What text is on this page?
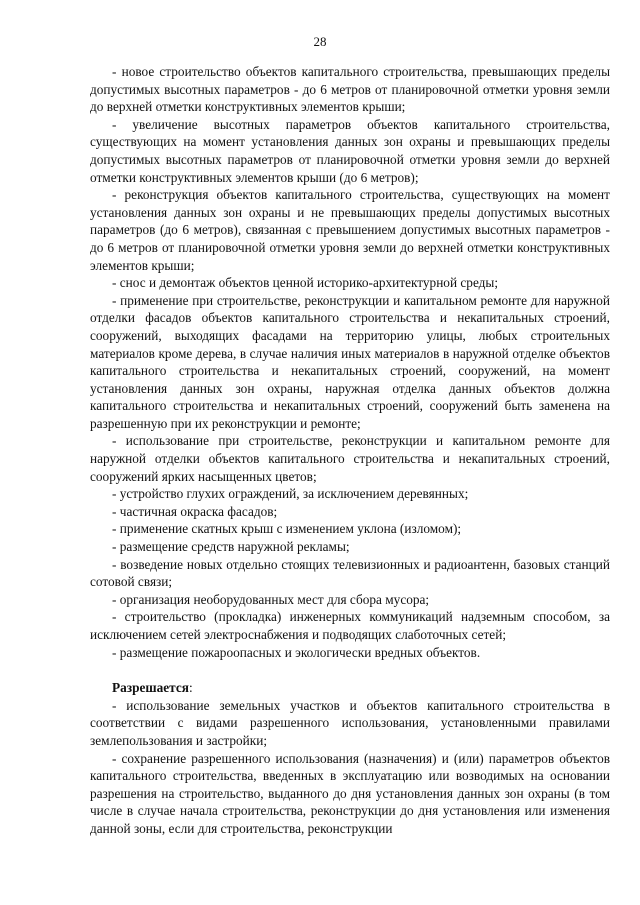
28

- новое строительство объектов капитального строительства, превышающих пределы допустимых высотных параметров - до 6 метров от планировочной отметки уровня земли до верхней отметки конструктивных элементов крыши;

- увеличение высотных параметров объектов капитального строительства, существующих на момент установления данных зон охраны и превышающих пределы допустимых высотных параметров от планировочной отметки уровня земли до верхней отметки конструктивных элементов крыши (до 6 метров);

- реконструкция объектов капитального строительства, существующих на момент установления данных зон охраны и не превышающих пределы допустимых высотных параметров (до 6 метров), связанная с превышением допустимых высотных параметров - до 6 метров от планировочной отметки уровня земли до верхней отметки конструктивных элементов крыши;

- снос и демонтаж объектов ценной историко-архитектурной среды;

- применение при строительстве, реконструкции и капитальном ремонте для наружной отделки фасадов объектов капитального строительства и некапитальных строений, сооружений, выходящих фасадами на территорию улицы, любых строительных материалов кроме дерева, в случае наличия иных материалов в наружной отделке объектов капитального строительства и некапитальных строений, сооружений, на момент установления данных зон охраны, наружная отделка данных объектов должна капитального строительства и некапитальных строений, сооружений быть заменена на разрешенную при их реконструкции и ремонте;

- использование при строительстве, реконструкции и капитальном ремонте для наружной отделки объектов капитального строительства и некапитальных строений, сооружений ярких насыщенных цветов;

- устройство глухих ограждений, за исключением деревянных;

- частичная окраска фасадов;

- применение скатных крыш с изменением уклона (изломом);

- размещение средств наружной рекламы;

- возведение новых отдельно стоящих телевизионных и радиоантенн, базовых станций сотовой связи;

- организация необорудованных мест для сбора мусора;

- строительство (прокладка) инженерных коммуникаций надземным способом, за исключением сетей электроснабжения и подводящих слаботочных сетей;

- размещение пожароопасных и экологически вредных объектов.

Разрешается:

- использование земельных участков и объектов капитального строительства в соответствии с видами разрешенного использования, установленными правилами землепользования и застройки;

- сохранение разрешенного использования (назначения) и (или) параметров объектов капитального строительства, введенных в эксплуатацию или возводимых на основании разрешения на строительство, выданного до дня установления данных зон охраны (в том числе в случае начала строительства, реконструкции до дня установления или изменения данной зоны, если для строительства, реконструкции
